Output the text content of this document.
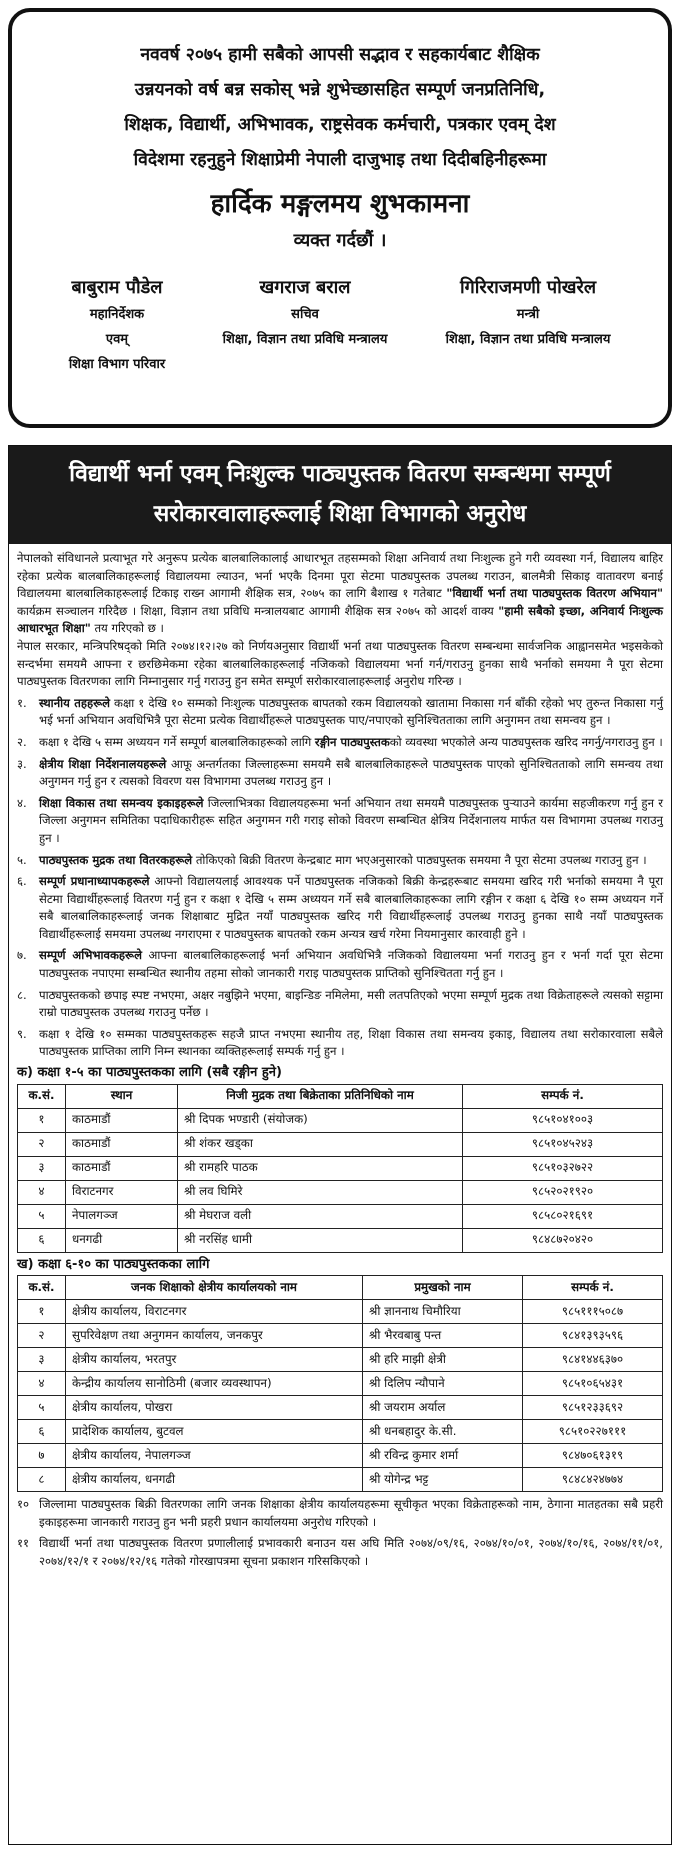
नववर्ष २०७५ हामी सबैको आपसी सद्भाव र सहकार्यबाट शैक्षिक
उन्नयनको वर्ष बन्न सकोस् भन्ने शुभेच्छासहित सम्पूर्ण जनप्रतिनिधि,
शिक्षक, विद्यार्थी, अभिभावक, राष्ट्रसेवक कर्मचारी, पत्रकार एवम् देश
विदेशमा रहनुहुने शिक्षाप्रेमी नेपाली दाजुभाइ तथा दिदीबहिनीहरूमा
हार्दिक मङ्गलमय शुभकामना
व्यक्त गर्दछौं ।
बाबुराम पौडेल
महानिर्देशक
एवम्
शिक्षा विभाग परिवार
खगराज बराल
सचिव
शिक्षा, विज्ञान तथा प्रविधि मन्त्रालय
गिरिराजमणी पोखरेल
मन्त्री
शिक्षा, विज्ञान तथा प्रविधि मन्त्रालय
विद्यार्थी भर्ना एवम् निःशुल्क पाठ्यपुस्तक वितरण सम्बन्धमा सम्पूर्ण
सरोकारवालाहरूलाई शिक्षा विभागको अनुरोध

नेपालको संविधानले प्रत्याभूत गरे अनुरूप प्रत्येक बालबालिकालाई आधारभूत तहसम्मको शिक्षा अनिवार्य तथा निःशुल्क हुने गरी व्यवस्था गर्न, विद्यालय बाहिर रहेका प्रत्येक बालबालिकाहरूलाई विद्यालयमा ल्याउन, भर्ना भएकै दिनमा पूरा सेटमा पाठ्यपुस्तक उपलब्ध गराउन, बालमैत्री सिकाइ वातावरण बनाई विद्यालयमा बालबालिकाहरूलाई टिकाइ राख्न आगामी शैक्षिक सत्र, २०७५ का लागि बैशाख १ गतेबाट "विद्यार्थी भर्ना तथा पाठ्यपुस्तक वितरण अभियान" कार्यक्रम सञ्चालन गरिदैछ । शिक्षा, विज्ञान तथा प्रविधि मन्त्रालयबाट आगामी शैक्षिक सत्र २०७५ को आदर्श वाक्य "हामी सबैको इच्छा, अनिवार्य निःशुल्क आधारभूत शिक्षा" तय गरिएको छ ।

नेपाल सरकार, मन्त्रिपरिषद्को मिति २०७४।१२।२७ को निर्णयअनुसार विद्यार्थी भर्ना तथा पाठ्यपुस्तक वितरण सम्बन्धमा सार्वजनिक आह्वानसमेत भइसकेको सन्दर्भमा समयमै आफ्ना र छरछिमेकमा रहेका बालबालिकाहरूलाई नजिकको विद्यालयमा भर्ना गर्न/गराउनु हुनका साथै भर्नाको समयमा नै पूरा सेटमा पाठ्यपुस्तक वितरणका लागि निम्नानुसार गर्नु गराउनु हुन समेत सम्पूर्ण सरोकारवालाहरूलाई अनुरोध गरिन्छ ।

१.	स्थानीय तहहरूले कक्षा १ देखि १० सम्मको निःशुल्क पाठ्यपुस्तक बापतको रकम विद्यालयको खातामा निकासा गर्न बाँकी रहेको भए तुरुन्त निकासा गर्नु भई भर्ना अभियान अवधिभित्रै पूरा सेटमा प्रत्येक विद्यार्थीहरूले पाठ्यपुस्तक पाए/नपाएको सुनिश्चितताका लागि अनुगमन तथा समन्वय हुन ।
२.	कक्षा १ देखि ५ सम्म अध्ययन गर्ने सम्पूर्ण बालबालिकाहरूको लागि रङ्गीन पाठ्यपुस्तकको व्यवस्था भएकोले अन्य पाठ्यपुस्तक खरिद नगर्नु/नगराउनु हुन ।
३.	क्षेत्रीय शिक्षा निर्देशनालयहरूले आफू अन्तर्गतका जिल्लाहरूमा समयमै सबै बालबालिकाहरूले पाठ्यपुस्तक पाएको सुनिश्चितताको लागि समन्वय तथा अनुगमन गर्नु हुन र त्यसको विवरण यस विभागमा उपलब्ध गराउनु हुन ।
४.	शिक्षा विकास तथा समन्वय इकाइहरूले जिल्लाभित्रका विद्यालयहरूमा भर्ना अभियान तथा समयमै पाठ्यपुस्तक पुऱ्याउने कार्यमा सहजीकरण गर्नु हुन र जिल्ला अनुगमन समितिका पदाधिकारीहरू सहित अनुगमन गरी गराइ सोको विवरण सम्बन्धित क्षेत्रिय निर्देशनालय मार्फत यस विभागमा उपलब्ध गराउनु हुन ।
५.	पाठ्यपुस्तक मुद्रक तथा वितरकहरूले तोकिएको बिक्री वितरण केन्द्रबाट माग भएअनुसारको पाठ्यपुस्तक समयमा नै पूरा सेटमा उपलब्ध गराउनु हुन ।
६.	सम्पूर्ण प्रधानाध्यापकहरूले आफ्नो विद्यालयलाई आवश्यक पर्ने पाठ्यपुस्तक नजिकको बिक्री केन्द्रहरूबाट समयमा खरिद गरी भर्नाको समयमा नै पूरा सेटमा विद्यार्थीहरूलाई वितरण गर्नु हुन र कक्षा १ देखि ५ सम्म अध्ययन गर्ने सबै बालबालिकाहरूका लागि रङ्गीन र कक्षा ६ देखि १० सम्म अध्ययन गर्ने सबै बालबालिकाहरूलाई जनक शिक्षाबाट मुद्रित नयाँ पाठ्यपुस्तक खरिद गरी विद्यार्थीहरूलाई उपलब्ध गराउनु हुनका साथै नयाँ पाठ्यपुस्तक विद्यार्थीहरूलाई समयमा उपलब्ध नगराएमा र पाठ्यपुस्तक बापतको रकम अन्यत्र खर्च गरेमा नियमानुसार कारवाही हुने ।
७.	सम्पूर्ण अभिभावकहरूले आफ्ना बालबालिकाहरूलाई भर्ना अभियान अवधिभित्रै नजिकको विद्यालयमा भर्ना गराउनु हुन र भर्ना गर्दा पूरा सेटमा पाठ्यपुस्तक नपाएमा सम्बन्धित स्थानीय तहमा सोको जानकारी गराइ पाठ्यपुस्तक प्राप्तिको सुनिश्चितता गर्नु हुन ।
८.	पाठ्यपुस्तकको छपाइ स्पष्ट नभएमा, अक्षर नबुझिने भएमा, बाइन्डिङ नमिलेमा, मसी लतपतिएको भएमा सम्पूर्ण मुद्रक तथा विक्रेताहरूले त्यसको सट्टामा राम्रो पाठ्यपुस्तक उपलब्ध गराउनु पर्नेछ ।
९.	कक्षा १ देखि १० सम्मका पाठ्यपुस्तकहरू सहजै प्राप्त नभएमा स्थानीय तह, शिक्षा विकास तथा समन्वय इकाइ, विद्यालय तथा सरोकारवाला सबैले पाठ्यपुस्तक प्राप्तिका लागि निम्न स्थानका व्यक्तिहरूलाई सम्पर्क गर्नु हुन ।
क) कक्षा १-५ का पाठ्यपुस्तकका लागि (सबै रङ्गीन हुने)
क.सं.	स्थान	निजी मुद्रक तथा बिक्रेताका प्रतिनिधिको नाम	सम्पर्क नं.
१	काठमाडौं	श्री दिपक भण्डारी (संयोजक)	९८५१०४१००३
२	काठमाडौं	श्री शंकर खड्का	९८५१०४५२४३
३	काठमाडौं	श्री रामहरि पाठक	९८५१०३२७२२
४	विराटनगर	श्री लव घिमिरे	९८५२०२१९२०
५	नेपालगञ्ज	श्री मेघराज वली	९८५८०२१६९१
६	धनगढी	श्री नरसिंह धामी	९८४८७२०४२०
ख) कक्षा ६-१० का पाठ्यपुस्तकका लागि
क.सं.	जनक शिक्षाको क्षेत्रीय कार्यालयको नाम	प्रमुखको नाम	सम्पर्क नं.
१	क्षेत्रीय कार्यालय, विराटनगर	श्री ज्ञाननाथ चिमौरिया	९८५१११५०८७
२	सुपरिवेक्षण तथा अनुगमन कार्यालय, जनकपुर	श्री भैरवबाबु पन्त	९८४१३९३५९६
३	क्षेत्रीय कार्यालय, भरतपुर	श्री हरि माझी क्षेत्री	९८४१४४६३७०
४	केन्द्रीय कार्यालय सानोठिमी (बजार व्यवस्थापन)	श्री दिलिप न्यौपाने	९८५१०६५४३१
५	क्षेत्रीय कार्यालय, पोखरा	श्री जयराम अर्याल	९८५१२३३६९२
६	प्रादेशिक कार्यालय, बुटवल	श्री धनबहादुर के.सी.	९८५१०२२७१११
७	क्षेत्रीय कार्यालय, नेपालगञ्ज	श्री रविन्द्र कुमार शर्मा	९८४७०६१३१९
८	क्षेत्रीय कार्यालय, धनगढी	श्री योगेन्द्र भट्ट	९८४८४२४७७४
१० जिल्लामा पाठ्यपुस्तक बिक्री वितरणका लागि जनक शिक्षाका क्षेत्रीय कार्यालयहरूमा सूचीकृत भएका विक्रेताहरूको नाम, ठेगाना मातहतका सबै प्रहरी इकाइहरूमा जानकारी गराउनु हुन भनी प्रहरी प्रधान कार्यालयमा अनुरोध गरिएको ।
११ विद्यार्थी भर्ना तथा पाठ्यपुस्तक वितरण प्रणालीलाई प्रभावकारी बनाउन यस अघि मिति २०७४/०९/१६, २०७४/१०/०१, २०७४/१०/१६, २०७४/११/०१, २०७४/१२/१ र २०७४/१२/१६ गतेको गोरखापत्रमा सूचना प्रकाशन गरिसकिएको ।
